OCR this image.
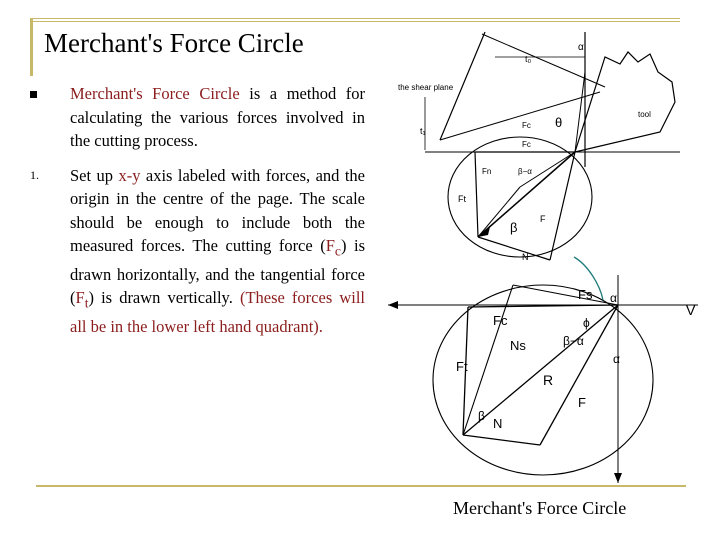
Merchant's Force Circle
Merchant's Force Circle is a method for calculating the various forces involved in the cutting process.
1. Set up x-y axis labeled with forces, and the origin in the centre of the page. The scale should be enough to include both the measured forces. The cutting force $(F_c)$ is drawn horizontally, and the tangential force $(F_t)$ is drawn vertically. (These forces will all be in the lower left hand quadrant).
the shear plane
tool
α
t₀
t₁
θ
Fc
Fc
Fn	β−α
Ft
F
β
N
Fs
Fc
Ft
Ns
R
F
N
β
β−α
ϕ
α
α
V
Merchant's Force Circle
